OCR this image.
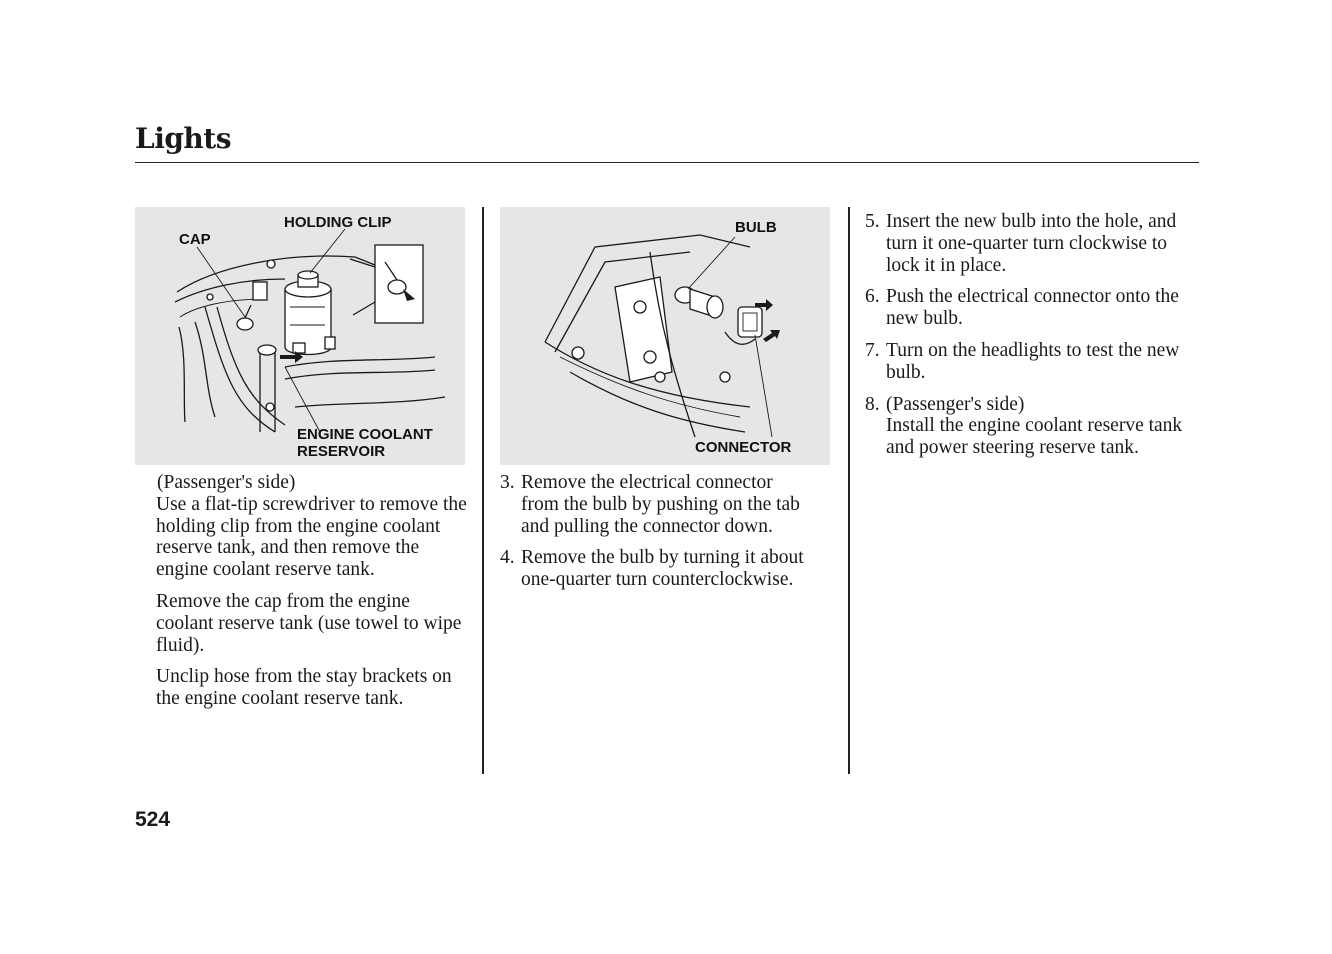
Lights
CAP
HOLDING CLIP
ENGINE COOLANT
RESERVOIR
BULB
CONNECTOR

(Passenger's side)

Use a flat-tip screwdriver to remove the holding clip from the engine coolant reserve tank, and then remove the engine coolant reserve tank.

Remove the cap from the engine coolant reserve tank (use towel to wipe fluid).

Unclip hose from the stay brackets on the engine coolant reserve tank.

3. Remove the electrical connector from the bulb by pushing on the tab and pulling the connector down.
4. Remove the bulb by turning it about one-quarter turn counterclockwise.
5. Insert the new bulb into the hole, and turn it one-quarter turn clockwise to lock it in place.
6. Push the electrical connector onto the new bulb.
7. Turn on the headlights to test the new bulb.
8. (Passenger's side)
Install the engine coolant reserve tank and power steering reserve tank.
524
